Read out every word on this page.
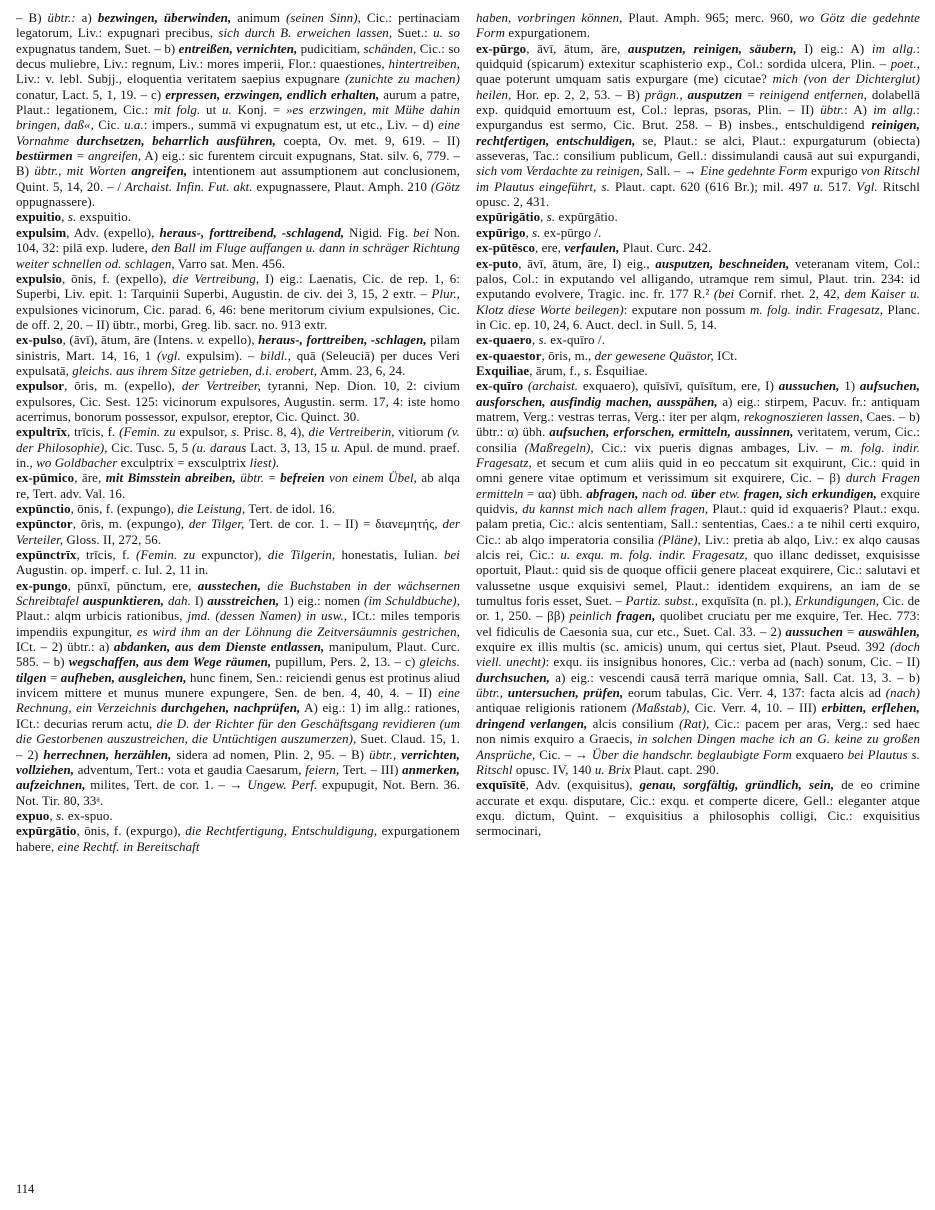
– B) übtr.: a) bezwingen, überwinden, animum (seinen Sinn), Cic.: pertinaciam legatorum, Liv.: expugnari precibus, sich durch B. erweichen lassen, Suet.: u. so expugnatus tandem, Suet. – b) entreißen, vernichten, pudicitiam, schänden, Cic.: so decus muliebre, Liv.: regnum, Liv.: mores imperii, Flor.: quaestiones, hintertreiben, Liv.: v. lebl. Subjj., eloquentia veritatem saepius expugnare (zunichte zu machen) conatur, Lact. 5, 1, 19. – c) erpressen, erzwingen, endlich erhalten, aurum a patre, Plaut.: legationem, Cic.: mit folg. ut u. Konj. = »es erzwingen, mit Mühe dahin bringen, daß«, Cic. u.a.: impers., summā vi expugnatum est, ut etc., Liv. – d) eine Vornahme durchsetzen, beharrlich ausführen, coepta, Ov. met. 9, 619. – II) bestürmen = angreifen, A) eig.: sic furentem circuit expugnans, Stat. silv. 6, 779. – B) übtr., mit Worten angreifen, intentionem aut assumptionem aut conclusionem, Quint. 5, 14, 20. – / Archaist. Infin. Fut. akt. expugnassere, Plaut. Amph. 210 (Götz oppugnassere).

expuitio, s. exspuitio.

expulsim, Adv. (expello), heraus-, forttreibend, -schlagend, Nigid. Fig. bei Non. 104, 32: pilā exp. ludere, den Ball im Fluge auffangen u. dann in schräger Richtung weiter schnellen od. schlagen, Varro sat. Men. 456.

expulsio, ōnis, f. (expello), die Vertreibung, I) eig.: Laenatis, Cic. de rep. 1, 6: Superbi, Liv. epit. 1: Tarquinii Superbi, Augustin. de civ. dei 3, 15, 2 extr. – Plur., expulsiones vicinorum, Cic. parad. 6, 46: bene meritorum civium expulsiones, Cic. de off. 2, 20. – II) übtr., morbi, Greg. lib. sacr. no. 913 extr.

ex-pulso, (āvī), ātum, āre (Intens. v. expello), heraus-, forttreiben, -schlagen, pilam sinistris, Mart. 14, 16, 1 (vgl. expulsim). – bildl., quā (Seleuciā) per duces Veri expulsatā, gleichs. aus ihrem Sitze getrieben, d.i. erobert, Amm. 23, 6, 24.

expulsor, ōris, m. (expello), der Vertreiber, tyranni, Nep. Dion. 10, 2: civium expulsores, Cic. Sest. 125: vicinorum expulsores, Augustin. serm. 17, 4: iste homo acerrimus, bonorum possessor, expulsor, ereptor, Cic. Quinct. 30.

expultrīx, trīcis, f. (Femin. zu expulsor, s. Prisc. 8, 4), die Vertreiberin, vitiorum (v. der Philosophie), Cic. Tusc. 5, 5 (u. daraus Lact. 3, 13, 15 u. Apul. de mund. praef. in., wo Goldbacher exculptrix = exsculptrix liest).

ex-pūmico, āre, mit Bimsstein abreiben, übtr. = befreien von einem Übel, ab alqa re, Tert. adv. Val. 16.

expūnctio, ōnis, f. (expungo), die Leistung, Tert. de idol. 16.

expūnctor, ōris, m. (expungo), der Tilger, Tert. de cor. 1. – II) = διανεμητής, der Verteiler, Gloss. II, 272, 56.

expūnctrīx, trīcis, f. (Femin. zu expunctor), die Tilgerin, honestatis, Iulian. bei Augustin. op. imperf. c. Iul. 2, 11 in.

ex-pungo, pūnxī, pūnctum, ere, ausstechen, die Buchstaben in der wächsernen Schreibtafel auspunktieren, dah. I) ausstreichen, 1) eig.: nomen (im Schuldbuche), Plaut.: alqm urbicis rationibus, jmd. (dessen Namen) in usw., ICt.: miles temporis impendiis expungitur, es wird ihm an der Löhnung die Zeitversäumnis gestrichen, ICt. – 2) übtr.: a) abdanken, aus dem Dienste entlassen, manipulum, Plaut. Curc. 585. – b) wegschaffen, aus dem Wege räumen, pupillum, Pers. 2, 13. – c) gleichs. tilgen = aufheben, ausgleichen, hunc finem, Sen.: reiciendi genus est protinus aliud invicem mittere et munus munere expungere, Sen. de ben. 4, 40, 4. – II) eine Rechnung, ein Verzeichnis durchgehen, nachprüfen, A) eig.: 1) im allg.: rationes, ICt.: decurias rerum actu, die D. der Richter für den Geschäftsgang revidieren (um die Gestorbenen auszustreichen, die Untüchtigen auszumerzen), Suet. Claud. 15, 1. – 2) herrechnen, herzählen, sidera ad nomen, Plin. 2, 95. – B) übtr., verrichten, vollziehen, adventum, Tert.: vota et gaudia Caesarum, feiern, Tert. – III) anmerken, aufzeichnen, milites, Tert. de cor. 1. – → Ungew. Perf. expupugit, Not. Bern. 36. Not. Tir. 80, 33ᵃ.

expuo, s. ex-spuo.

expūrgātio, ōnis, f. (expurgo), die Rechtfertigung, Entschuldigung, expurgationem habere, eine Rechtf. in Bereitschaft

haben, vorbringen können, Plaut. Amph. 965; merc. 960, wo Götz die gedehnte Form expurgationem.

ex-pūrgo, āvī, ātum, āre, ausputzen, reinigen, säubern, I) eig.: A) im allg.: quidquid (spicarum) extexitur scaphisterio exp., Col.: sordida ulcera, Plin. – poet., quae poterunt umquam satis expurgare (me) cicutae? mich (von der Dichterglut) heilen, Hor. ep. 2, 2, 53. – B) prägn., ausputzen = reinigend entfernen, dolabellā exp. quidquid emortuum est, Col.: lepras, psoras, Plin. – II) übtr.: A) im allg.: expurgandus est sermo, Cic. Brut. 258. – B) insbes., entschuldigend reinigen, rechtfertigen, entschuldigen, se, Plaut.: se alci, Plaut.: expurgaturum (obiecta) asseveras, Tac.: consilium publicum, Gell.: dissimulandi causā aut sui expurgandi, sich vom Verdachte zu reinigen, Sall. – → Eine gedehnte Form expurigo von Ritschl im Plautus eingeführt, s. Plaut. capt. 620 (616 Br.); mil. 497 u. 517. Vgl. Ritschl opusc. 2, 431.

expūrigātio, s. expūrgātio.

expūrigo, s. ex-pūrgo /.

ex-pūtēsco, ere, verfaulen, Plaut. Curc. 242.

ex-puto, āvī, ātum, āre, I) eig., ausputzen, beschneiden, veteranam vitem, Col.: palos, Col.: in exputando vel alligando, utramque rem simul, Plaut. trin. 234: id exputando evolvere, Tragic. inc. fr. 177 R.² (bei Cornif. rhet. 2, 42, dem Kaiser u. Klotz diese Worte beilegen): exputare non possum m. folg. indir. Fragesatz, Planc. in Cic. ep. 10, 24, 6. Auct. decl. in Sull. 5, 14.

ex-quaero, s. ex-quīro /.

ex-quaestor, ōris, m., der gewesene Quästor, ICt.

Exquiliae, ārum, f., s. Ēsquiliae.

ex-quīro (archaist. exquaero), quīsīvī, quīsītum, ere, I) aussuchen, 1) aufsuchen, ausforschen, ausfindig machen, ausspähen, a) eig.: stirpem, Pacuv. fr.: antiquam matrem, Verg.: vestras terras, Verg.: iter per alqm, rekognoszieren lassen, Caes. – b) übtr.: α) übh. aufsuchen, erforschen, ermitteln, aussinnen, veritatem, verum, Cic.: consilia (Maßregeln), Cic.: vix pueris dignas ambages, Liv. – m. folg. indir. Fragesatz, et secum et cum aliis quid in eo peccatum sit exquirunt, Cic.: quid in omni genere vitae optimum et verissimum sit exquirere, Cic. – β) durch Fragen ermitteln = αα) übh. abfragen, nach od. über etw. fragen, sich erkundigen, exquire quidvis, du kannst mich nach allem fragen, Plaut.: quid id exquaeris? Plaut.: exqu. palam pretia, Cic.: alcis sententiam, Sall.: sententias, Caes.: a te nihil certi exquiro, Cic.: ab alqo imperatoria consilia (Pläne), Liv.: pretia ab alqo, Liv.: ex alqo causas alcis rei, Cic.: u. exqu. m. folg. indir. Fragesatz, quo illanc dedisset, exquisisse oportuit, Plaut.: quid sis de quoque officii genere placeat exquirere, Cic.: salutavi et valussetne usque exquisivi semel, Plaut.: identidem exquirens, an iam de se tumultus foris esset, Suet. – Partiz. subst., exquīsīta (n. pl.), Erkundigungen, Cic. de or. 1, 250. – ββ) peinlich fragen, quolibet cruciatu per me exquire, Ter. Hec. 773: vel fidiculis de Caesonia sua, cur etc., Suet. Cal. 33. – 2) aussuchen = auswählen, exquire ex illis multis (sc. amicis) unum, qui certus siet, Plaut. Pseud. 392 (doch viell. unecht): exqu. iis insignibus honores, Cic.: verba ad (nach) sonum, Cic. – II) durchsuchen, a) eig.: vescendi causā terrā marique omnia, Sall. Cat. 13, 3. – b) übtr., untersuchen, prüfen, eorum tabulas, Cic. Verr. 4, 137: facta alcis ad (nach) antiquae religionis rationem (Maßstab), Cic. Verr. 4, 10. – III) erbitten, erflehen, dringend verlangen, alcis consilium (Rat), Cic.: pacem per aras, Verg.: sed haec non nimis exquiro a Graecis, in solchen Dingen mache ich an G. keine zu großen Ansprüche, Cic. – → Über die handschr. beglaubigte Form exquaero bei Plautus s. Ritschl opusc. IV, 140 u. Brix Plaut. capt. 290.

exquīsītē, Adv. (exquisitus), genau, sorgfältig, gründlich, sein, de eo crimine accurate et exqu. disputare, Cic.: exqu. et comperte dicere, Gell.: eleganter atque exqu. dictum, Quint. – exquisitius a philosophis colligi, Cic.: exquisitius sermocinari,

114
